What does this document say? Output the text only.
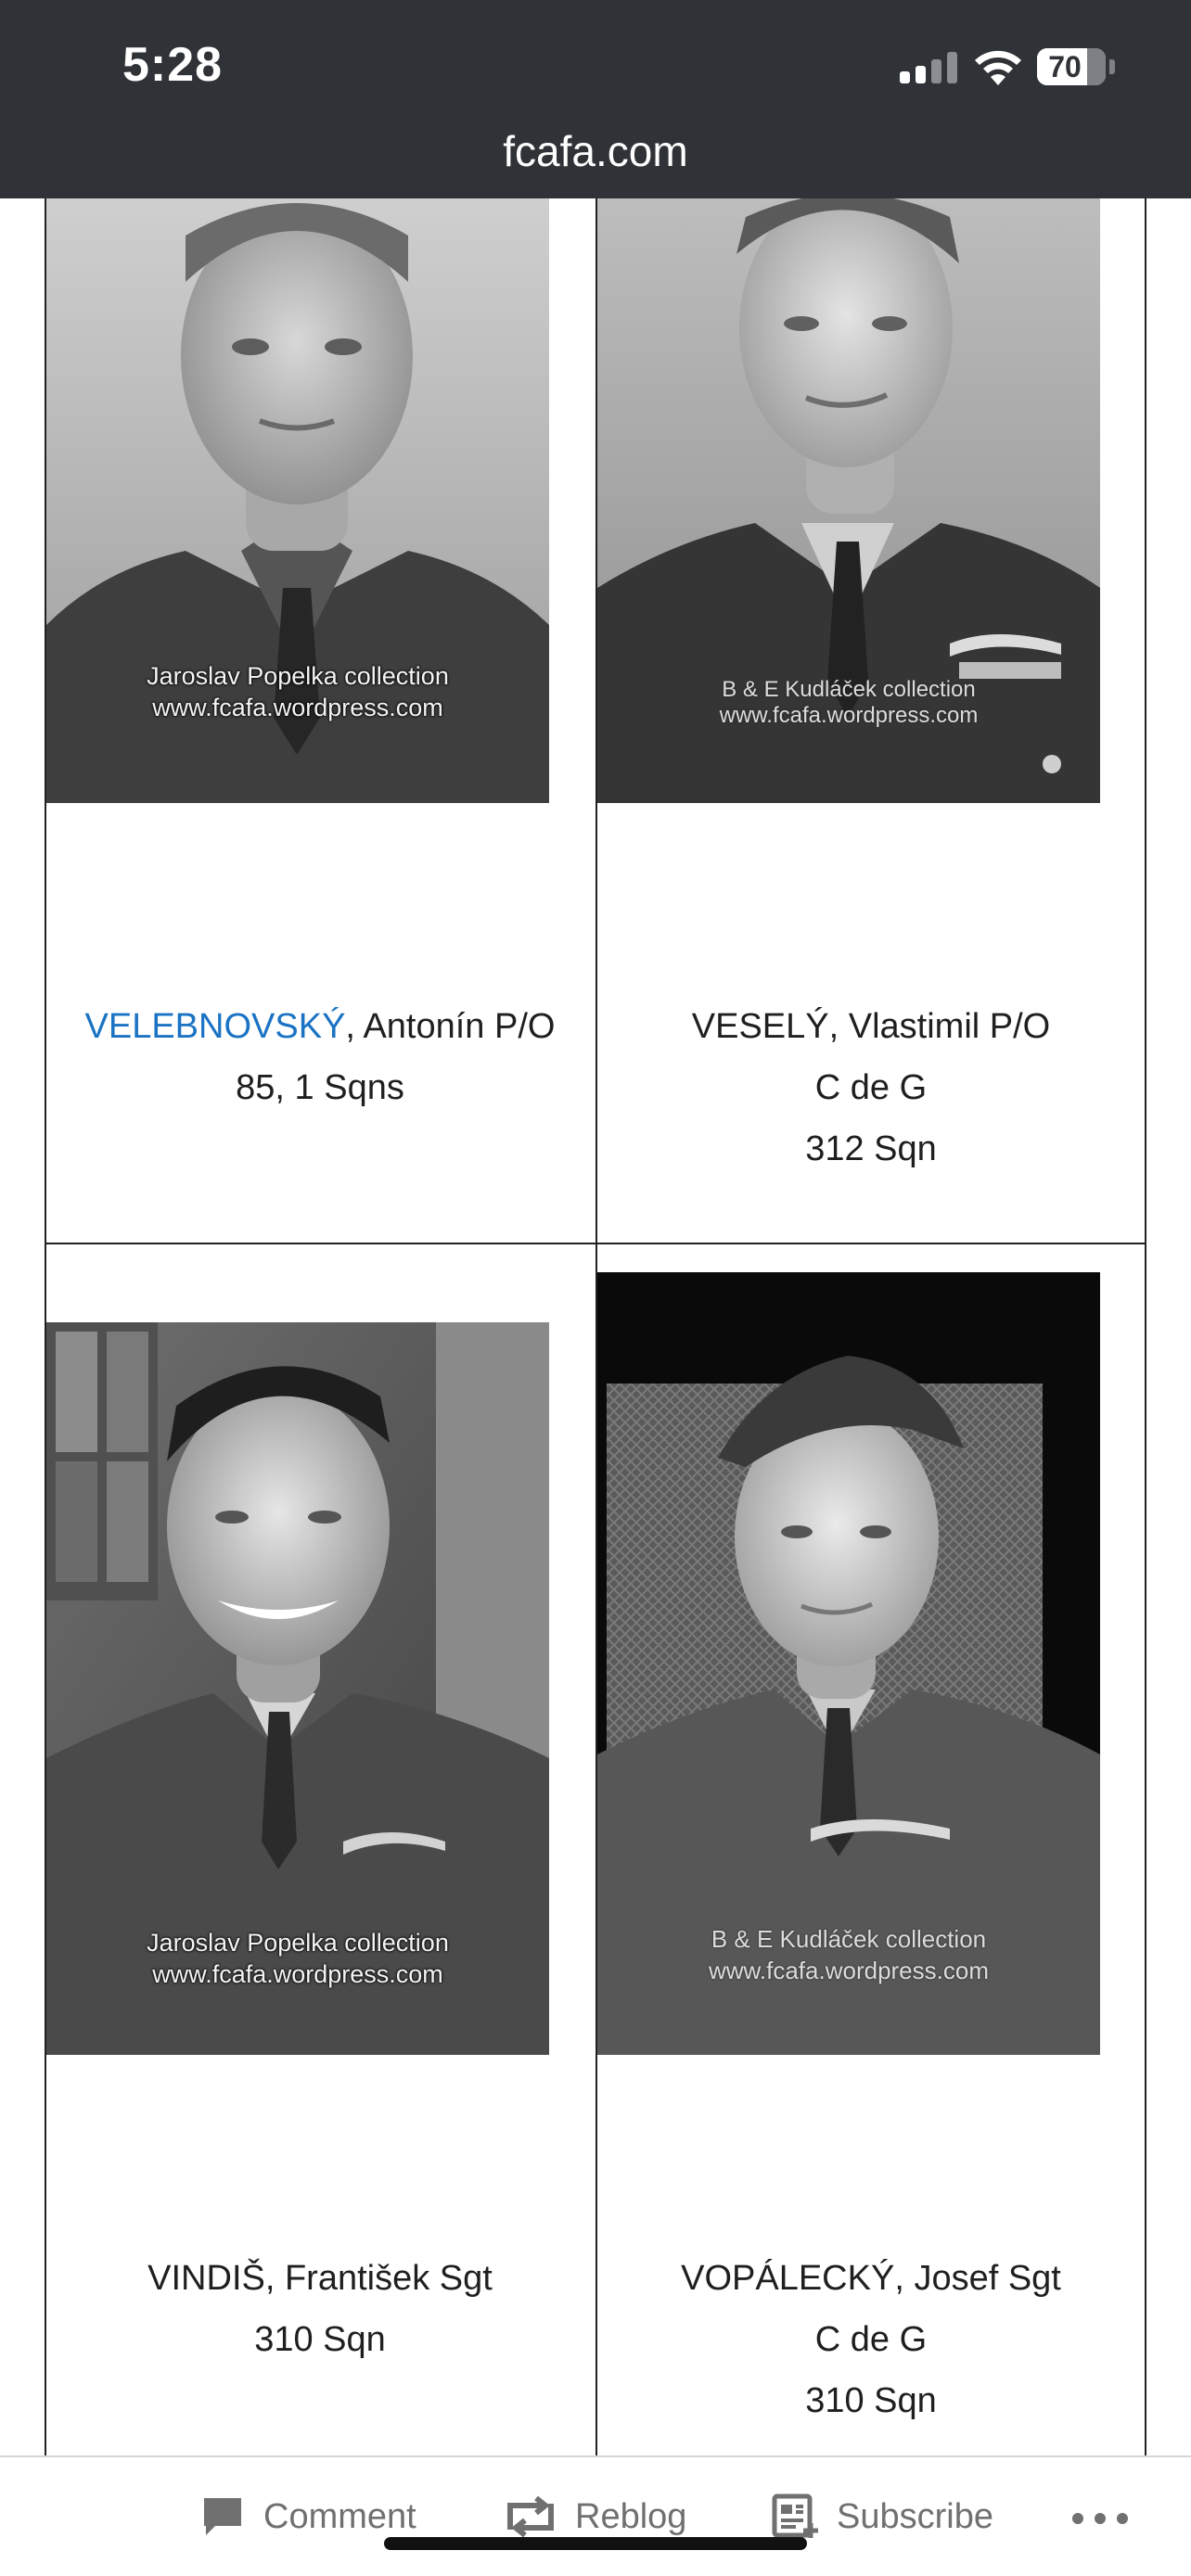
5:28	70
fcafa.com
Jaroslav Popelka collection
www.fcafa.wordpress.com
B & E Kudláček collection
www.fcafa.wordpress.com
VELEBNOVSKÝ, Antonín P/O
85, 1 Sqns
VESELÝ, Vlastimil P/O
C de G
312 Sqn
Jaroslav Popelka collection
www.fcafa.wordpress.com
B & E Kudláček collection
www.fcafa.wordpress.com
VINDIŠ, František Sgt
310 Sqn
VOPÁLECKÝ, Josef Sgt
C de G
310 Sqn
Comment	Reblog	Subscribe
